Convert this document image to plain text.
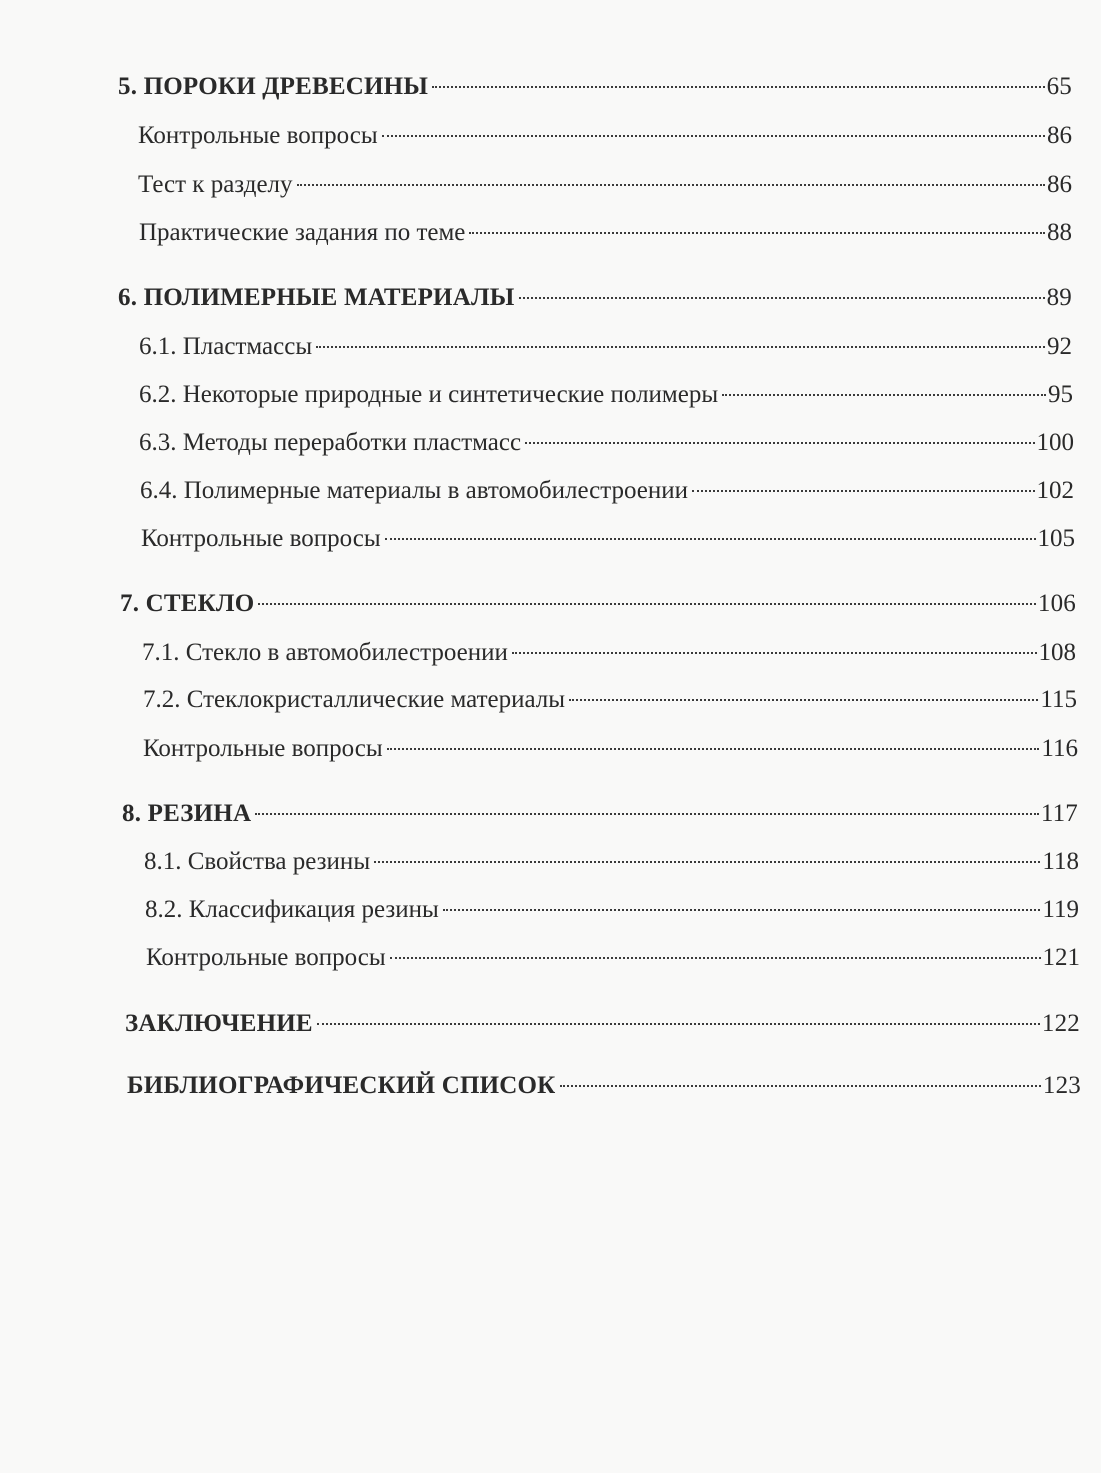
5. ПОРОКИ ДРЕВЕСИНЫ	65
Контрольные вопросы	86
Тест к разделу	86
Практические задания по теме	88
6. ПОЛИМЕРНЫЕ МАТЕРИАЛЫ	89
6.1. Пластмассы	92
6.2. Некоторые природные и синтетические полимеры	95
6.3. Методы переработки пластмасс	100
6.4. Полимерные материалы в автомобилестроении	102
Контрольные вопросы	105
7. СТЕКЛО	106
7.1. Стекло в автомобилестроении	108
7.2. Стеклокристаллические материалы	115
Контрольные вопросы	116
8. РЕЗИНА	117
8.1. Свойства резины	118
8.2. Классификация резины	119
Контрольные вопросы	121
ЗАКЛЮЧЕНИЕ	122
БИБЛИОГРАФИЧЕСКИЙ СПИСОК	123
